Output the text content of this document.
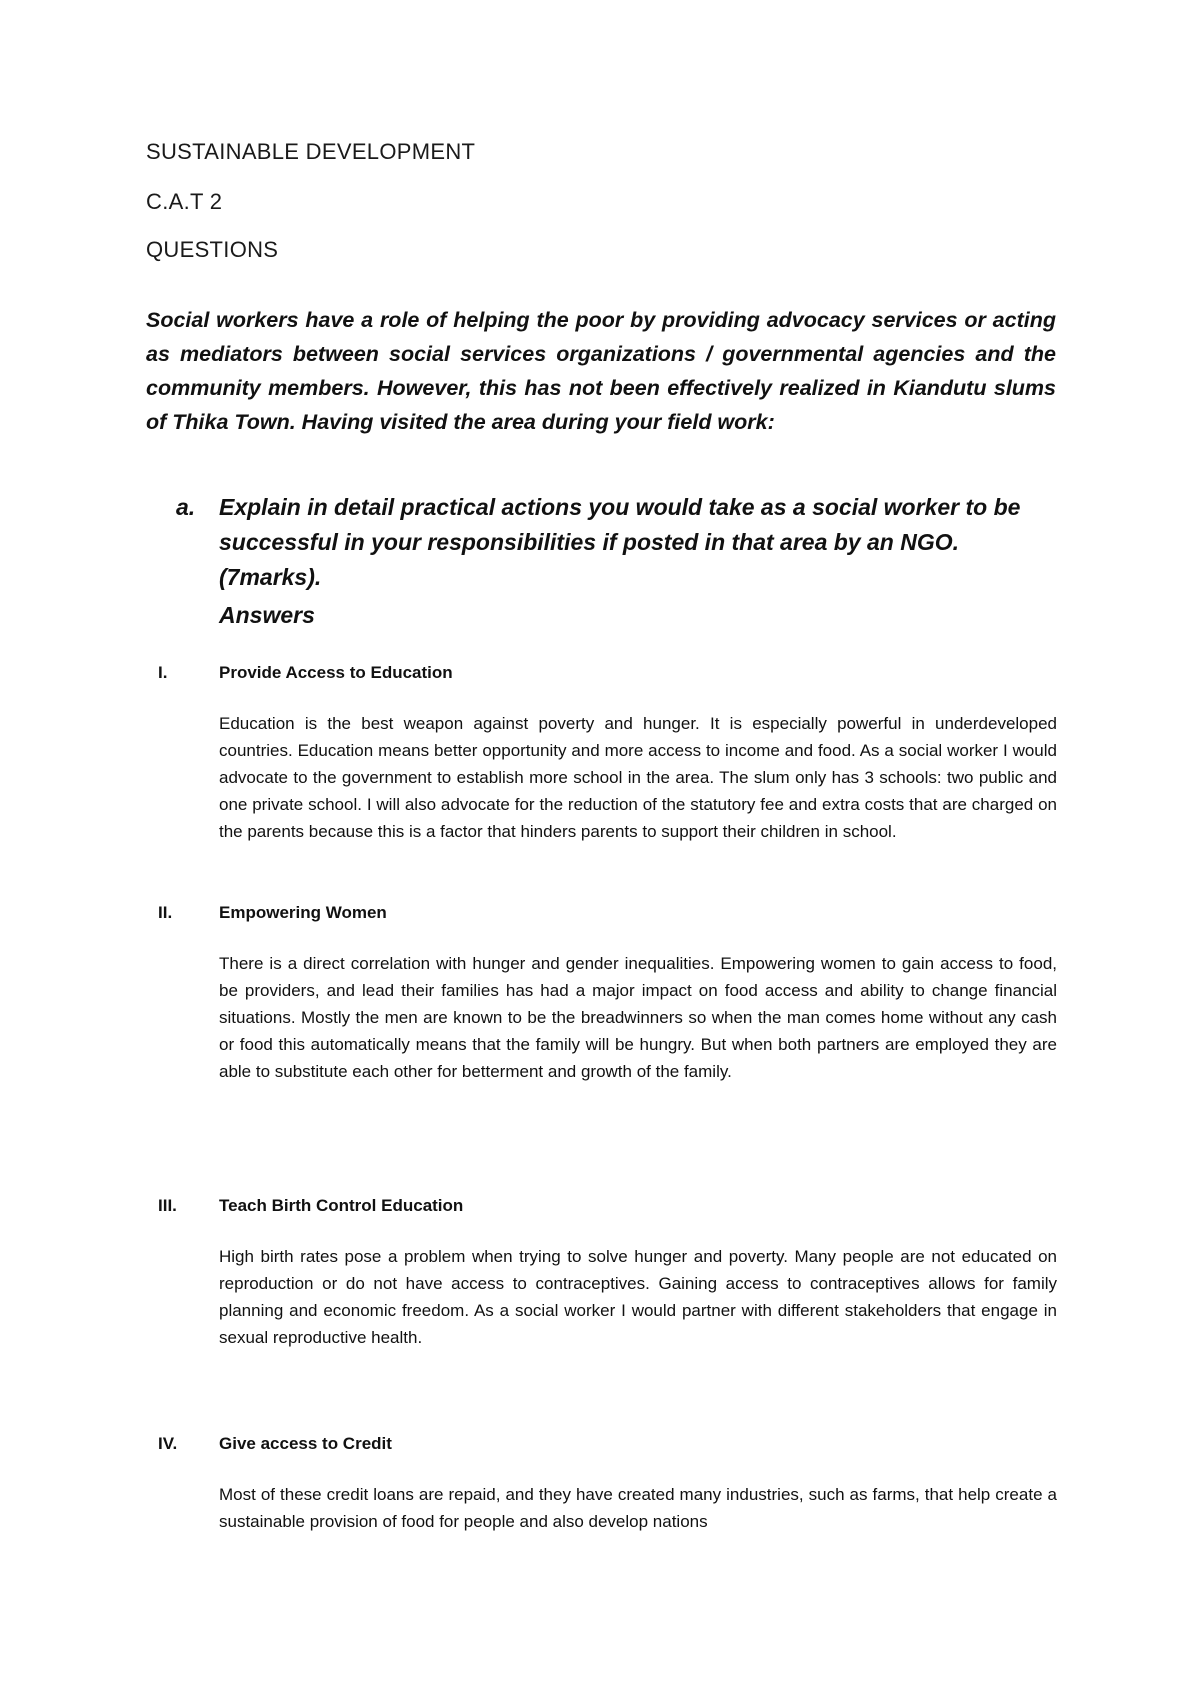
SUSTAINABLE DEVELOPMENT
C.A.T 2
QUESTIONS
Social workers have a role of helping the poor by providing advocacy services or acting as mediators between social services organizations / governmental agencies and the community members. However, this has not been effectively realized in Kiandutu slums of Thika Town. Having visited the area during your field work:
a. Explain in detail practical actions you would take as a social worker to be successful in your responsibilities if posted in that area by an NGO. (7marks).
Answers
I.	Provide Access to Education
Education is the best weapon against poverty and hunger. It is especially powerful in underdeveloped countries. Education means better opportunity and more access to income and food. As a social worker I would advocate to the government to establish more school in the area. The slum only has 3 schools: two public and one private school. I will also advocate for the reduction of the statutory fee and extra costs that are charged on the parents because this is a factor that hinders parents to support their children in school.
II.	Empowering Women
There is a direct correlation with hunger and gender inequalities. Empowering women to gain access to food, be providers, and lead their families has had a major impact on food access and ability to change financial situations. Mostly the men are known to be the breadwinners so when the man comes home without any cash or food this automatically means that the family will be hungry. But when both partners are employed they are able to substitute each other for betterment and growth of the family.
III. Teach Birth Control Education
High birth rates pose a problem when trying to solve hunger and poverty. Many people are not educated on reproduction or do not have access to contraceptives. Gaining access to contraceptives allows for family planning and economic freedom. As a social worker I would partner with different stakeholders that engage in sexual reproductive health.
IV. Give access to Credit
Most of these credit loans are repaid, and they have created many industries, such as farms, that help create a sustainable provision of food for people and also develop nations
